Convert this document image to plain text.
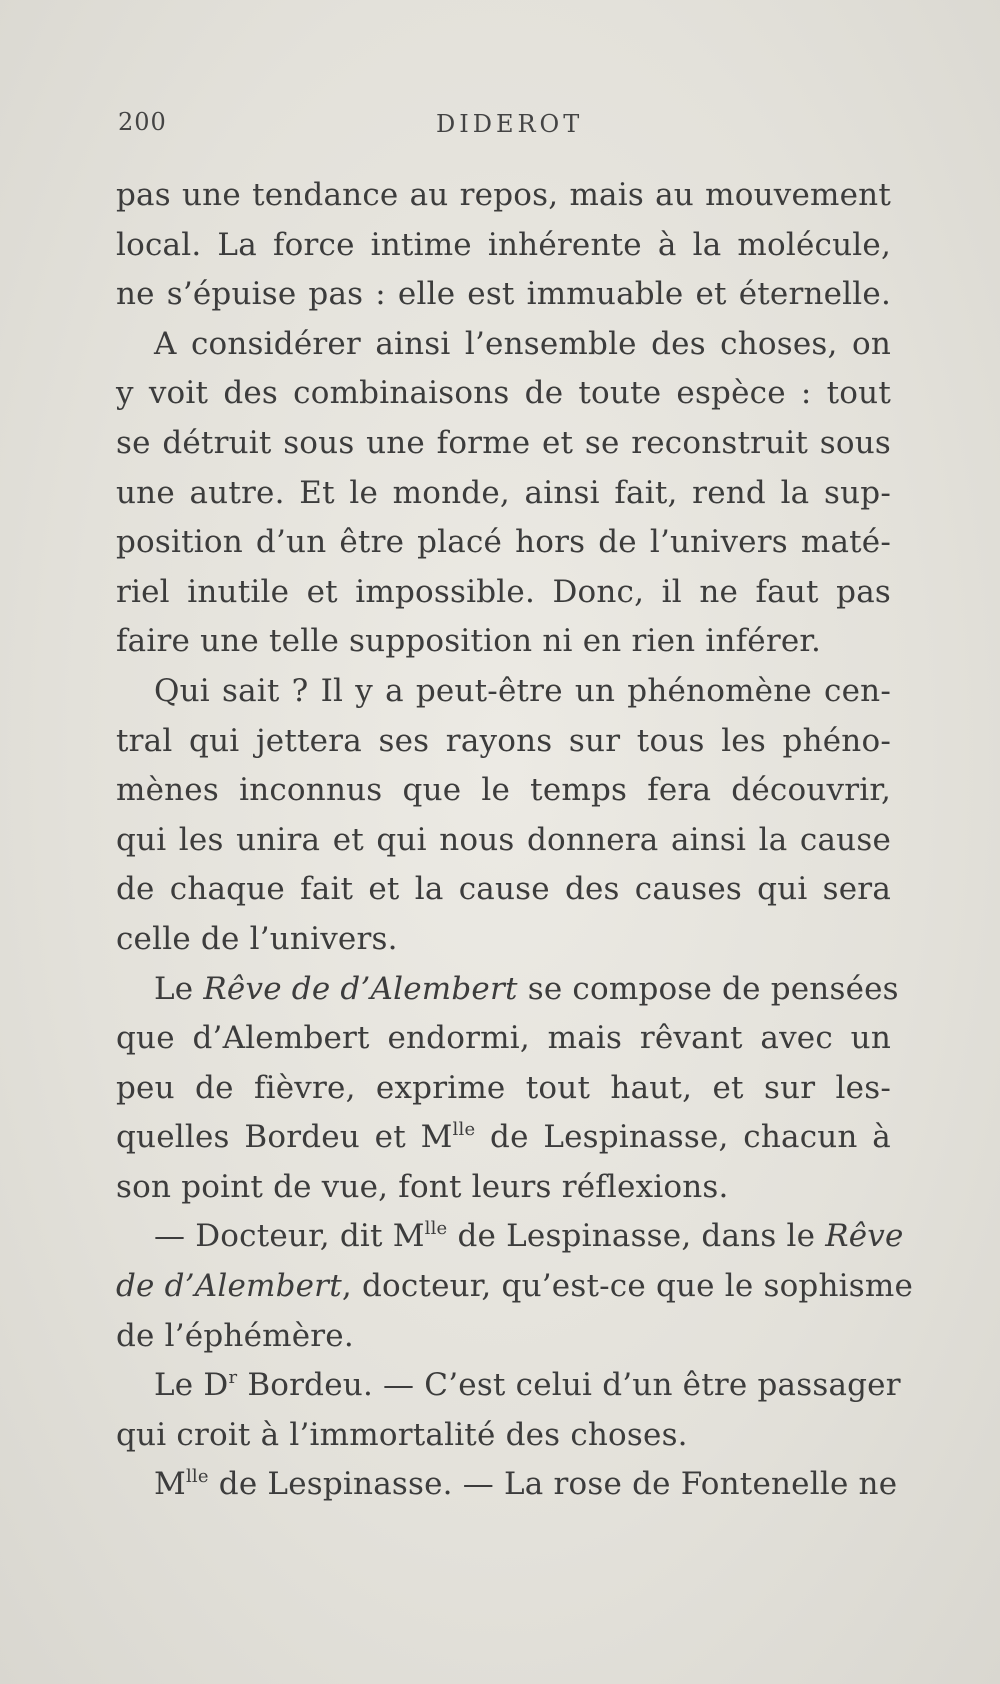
200	DIDEROT
pas une tendance au repos, mais au mouvement
local. La force intime inhérente à la molécule,
ne s’épuise pas : elle est immuable et éternelle.
A considérer ainsi l’ensemble des choses, on
y voit des combinaisons de toute espèce : tout
se détruit sous une forme et se reconstruit sous
une autre. Et le monde, ainsi fait, rend la sup-
position d’un être placé hors de l’univers maté-
riel inutile et impossible. Donc, il ne faut pas
faire une telle supposition ni en rien inférer.
Qui sait ? Il y a peut-être un phénomène cen-
tral qui jettera ses rayons sur tous les phéno-
mènes inconnus que le temps fera découvrir,
qui les unira et qui nous donnera ainsi la cause
de chaque fait et la cause des causes qui sera
celle de l’univers.
Le Rêve de d’Alembert se compose de pensées
que d’Alembert endormi, mais rêvant avec un
peu de fièvre, exprime tout haut, et sur les-
quelles Bordeu et $M^{lle}$ de Lespinasse, chacun à
son point de vue, font leurs réflexions.
— Docteur, dit $M^{lle}$ de Lespinasse, dans le Rêve
de d’Alembert, docteur, qu’est-ce que le sophisme
de l’éphémère.
Le $D^r$ Bordeu. — C’est celui d’un être passager
qui croit à l’immortalité des choses.
$M^{lle}$ de Lespinasse. — La rose de Fontenelle ne
